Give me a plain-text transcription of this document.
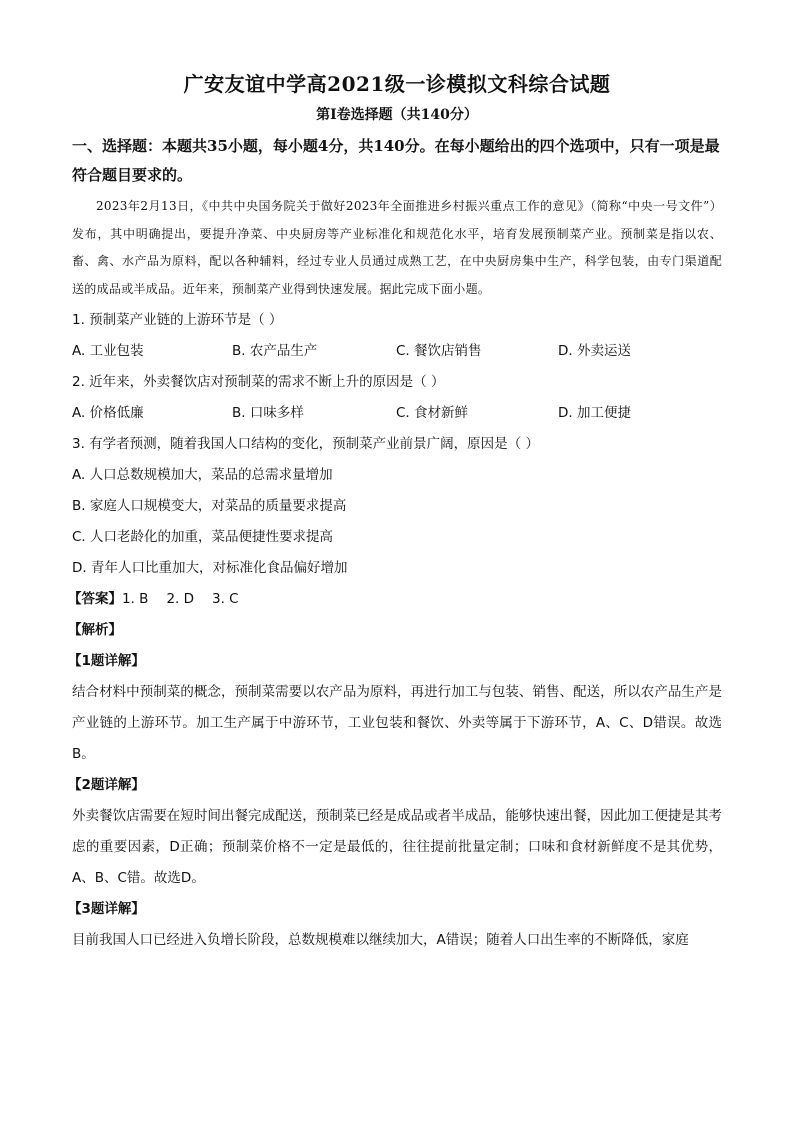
广安友谊中学高2021级一诊模拟文科综合试题
第Ⅰ卷选择题（共140分）

一、选择题：本题共35小题，每小题4分，共140分。在每小题给出的四个选项中，只有一项是最符合题目要求的。

2023年2月13日，《中共中央国务院关于做好2023年全面推进乡村振兴重点工作的意见》（简称“中央一号文件”）发布，其中明确提出，要提升净菜、中央厨房等产业标准化和规范化水平，培育发展预制菜产业。预制菜是指以农、畜、禽、水产品为原料，配以各种辅料，经过专业人员通过成熟工艺，在中央厨房集中生产，科学包装，由专门渠道配送的成品或半成品。近年来，预制菜产业得到快速发展。据此完成下面小题。

1. 预制菜产业链的上游环节是（ ）

A. 工业包装	B. 农产品生产	C. 餐饮店销售	D. 外卖运送

2. 近年来，外卖餐饮店对预制菜的需求不断上升的原因是（ ）

A. 价格低廉	B. 口味多样	C. 食材新鲜	D. 加工便捷

3. 有学者预测，随着我国人口结构的变化，预制菜产业前景广阔，原因是（ ）

A. 人口总数规模加大，菜品的总需求量增加

B. 家庭人口规模变大，对菜品的质量要求提高

C. 人口老龄化的加重，菜品便捷性要求提高

D. 青年人口比重加大，对标准化食品偏好增加

【答案】1. B 2. D 3. C

【解析】

【1题详解】

结合材料中预制菜的概念，预制菜需要以农产品为原料，再进行加工与包装、销售、配送，所以农产品生产是产业链的上游环节。加工生产属于中游环节，工业包装和餐饮、外卖等属于下游环节，A、C、D错误。故选B。

【2题详解】

外卖餐饮店需要在短时间出餐完成配送，预制菜已经是成品或者半成品，能够快速出餐，因此加工便捷是其考虑的重要因素，D正确；预制菜价格不一定是最低的，往往提前批量定制；口味和食材新鲜度不是其优势，A、B、C错。故选D。

【3题详解】

目前我国人口已经进入负增长阶段，总数规模难以继续加大，A错误；随着人口出生率的不断降低，家庭
